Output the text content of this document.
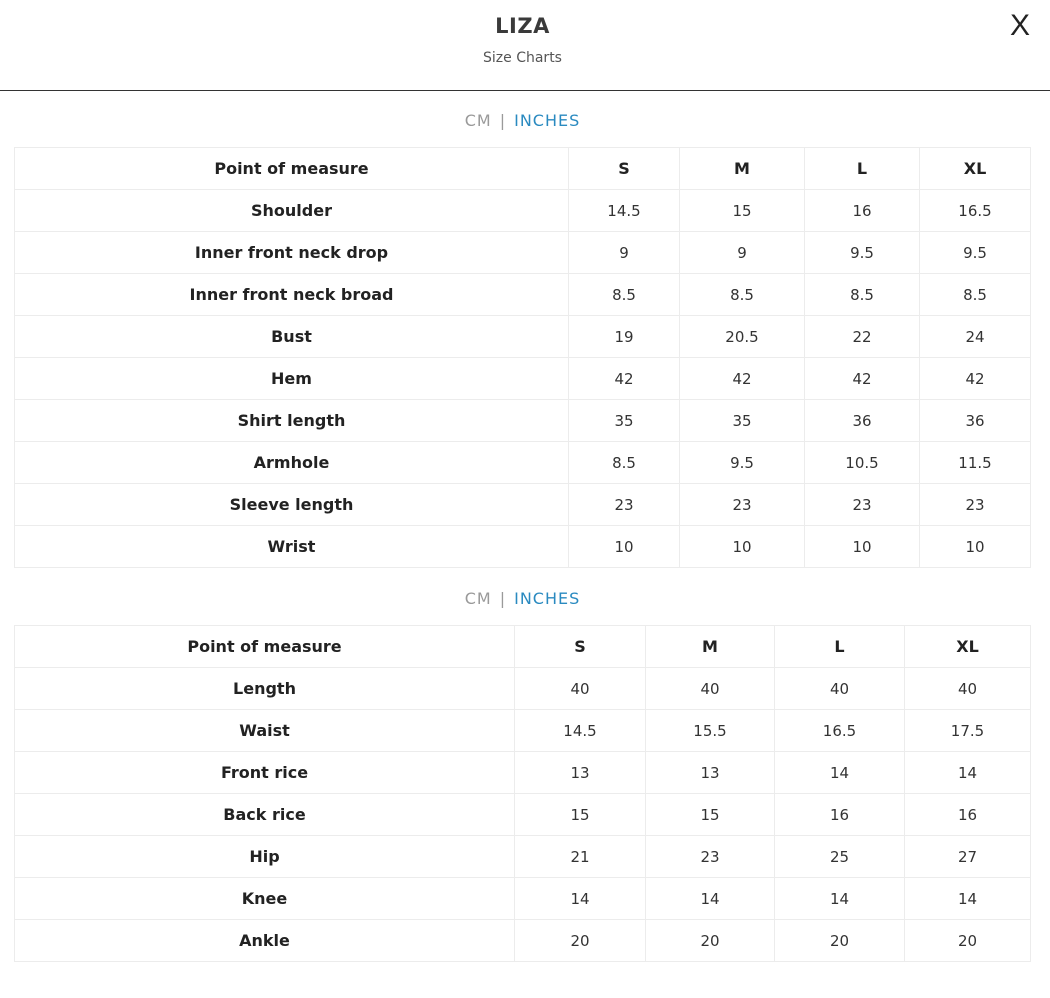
LIZA
Size Charts
X
CM | INCHES
Point of measure	S	M	L	XL
Shoulder	14.5	15	16	16.5
Inner front neck drop	9	9	9.5	9.5
Inner front neck broad	8.5	8.5	8.5	8.5
Bust	19	20.5	22	24
Hem	42	42	42	42
Shirt length	35	35	36	36
Armhole	8.5	9.5	10.5	11.5
Sleeve length	23	23	23	23
Wrist	10	10	10	10
CM | INCHES
Point of measure	S	M	L	XL
Length	40	40	40	40
Waist	14.5	15.5	16.5	17.5
Front rice	13	13	14	14
Back rice	15	15	16	16
Hip	21	23	25	27
Knee	14	14	14	14
Ankle	20	20	20	20
